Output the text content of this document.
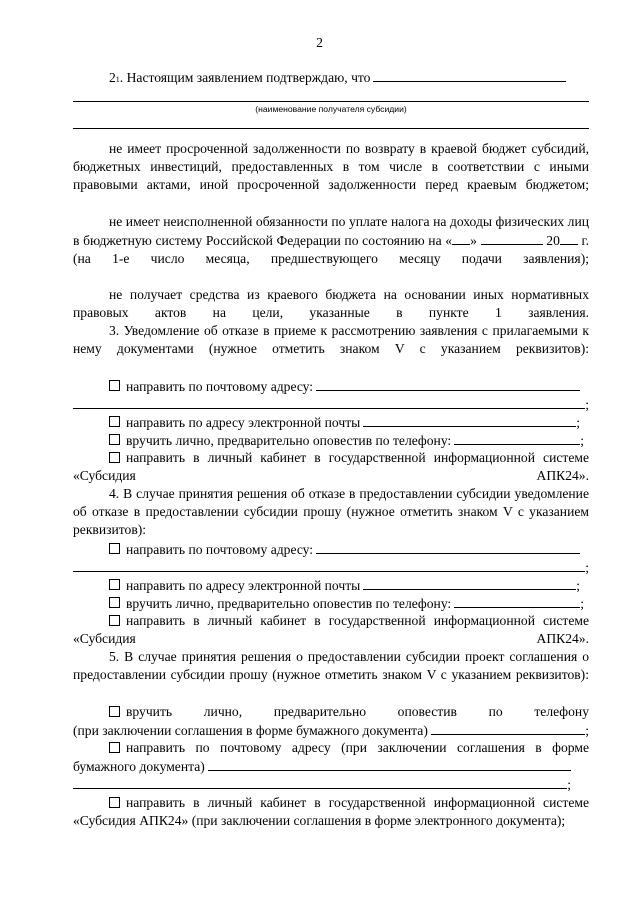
2
2 1 . Настоящим заявлением подтверждаю, что
(наименование получателя субсидии)
не имеет просроченной задолженности по возврату в краевой бюджет субсидий, бюджетных инвестиций, предоставленных в том числе в соответствии с иными правовыми актами, иной просроченной задолженности перед краевым бюджетом;
не имеет неисполненной обязанности по уплате налога на доходы физических лиц в бюджетную систему Российской Федерации по состоянию на « »	20 г. (на 1-е число месяца, предшествующего месяцу подачи заявления);
не получает средства из краевого бюджета на основании иных нормативных правовых актов на цели, указанные в пункте 1 заявления.
3. Уведомление об отказе в приеме к рассмотрению заявления с прилагаемыми к нему документами (нужное отметить знаком V с указанием реквизитов):
направить по почтовому адресу:
;
направить по адресу электронной почты	;
вручить лично, предварительно оповестив по телефону:	;
направить в личный кабинет в государственной информационной системе «Субсидия АПК24».
4. В случае принятия решения об отказе в предоставлении субсидии уведомление об отказе в предоставлении субсидии прошу (нужное отметить знаком V с указанием реквизитов):
направить по почтовому адресу:
;
направить по адресу электронной почты	;
вручить лично, предварительно оповестив по телефону:	;
направить в личный кабинет в государственной информационной системе «Субсидия АПК24».
5. В случае принятия решения о предоставлении субсидии проект соглашения о предоставлении субсидии прошу (нужное отметить знаком V с указанием реквизитов):
вручить лично, предварительно оповестив по телефону
(при заключении соглашения в форме бумажного документа)	;
направить по почтовому адресу (при заключении соглашения в форме
бумажного документа)
;
направить в личный кабинет в государственной информационной системе «Субсидия АПК24» (при заключении соглашения в форме электронного документа);
